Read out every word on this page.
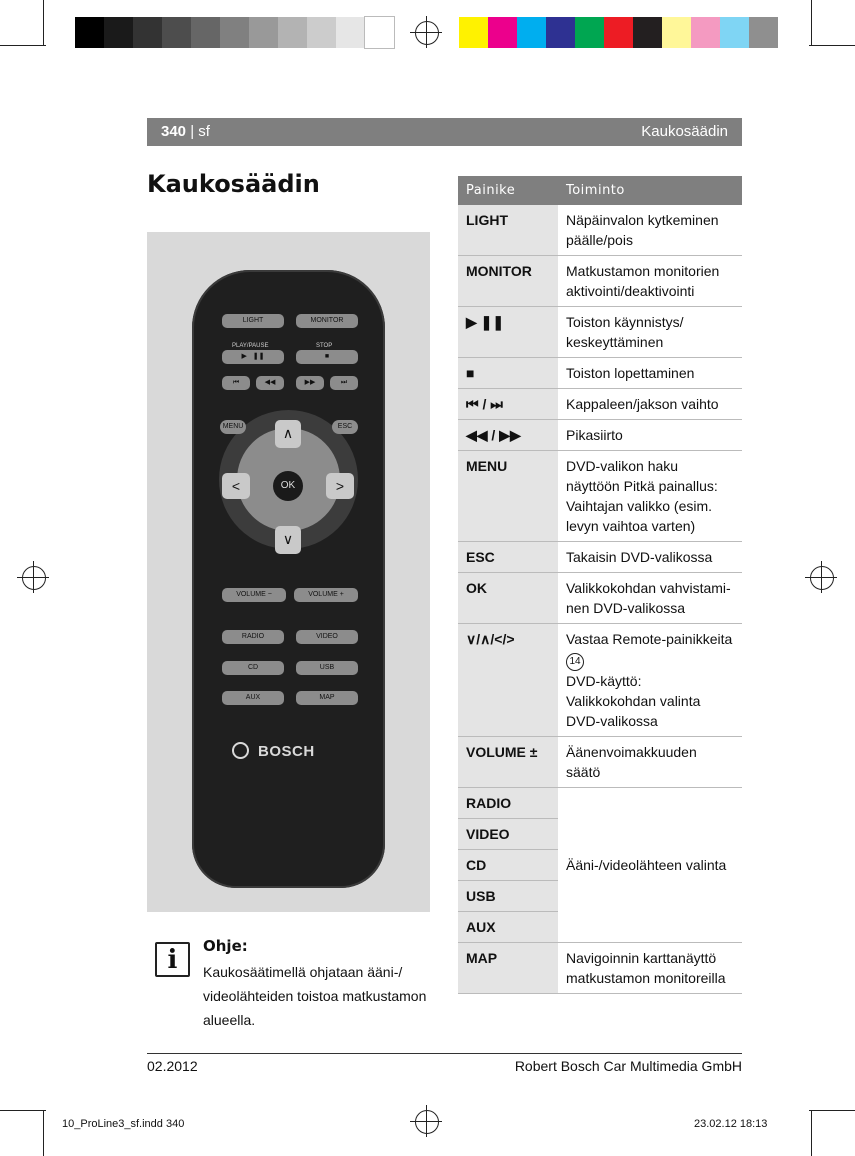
340 | sf	Kaukosäädin
Kaukosäädin
LIGHT	MONITOR
PLAY/PAUSE	STOP
▶   ❚❚	■
⏮	◀◀	▶▶	⏭
MENU	ESC
∧
∨
<	>
OK
VOLUME −	VOLUME +
RADIO	VIDEO
CD	USB
AUX	MAP
BOSCH
i	Ohje:
Kaukosäätimellä ohjataan ääni-/ videolähteiden toistoa matkustamon alueella.
Painike	Toiminto
LIGHT	Näpäinvalon kytkeminen päälle/pois
MONITOR	Matkustamon monitorien aktivointi/deaktivointi
▶ ❚❚	Toiston käynnistys/ keskeyttäminen
■	Toiston lopettaminen
⏮ / ⏭	Kappaleen/jakson vaihto
◀◀ / ▶▶	Pikasiirto
MENU	DVD-valikon haku näyttöön Pitkä painallus: Vaihtajan valikko (esim. levyn vaihtoa varten)
ESC	Takaisin DVD-valikossa
OK	Valikkokohdan vahvistami-nen DVD-valikossa
∨/∧/</>	Vastaa Remote-painikkeita
14
DVD-käyttö: Valikkokohdan valinta DVD-valikossa

VOLUME ±	Äänenvoimakkuuden säätö
RADIO	Ääni-/videolähteen valinta
VIDEO	
CD	
USB	
AUX	
MAP	Navigoinnin karttanäyttö matkustamon monitoreilla
02.2012	Robert Bosch Car Multimedia GmbH
10_ProLine3_sf.indd 340	23.02.12 18:13
